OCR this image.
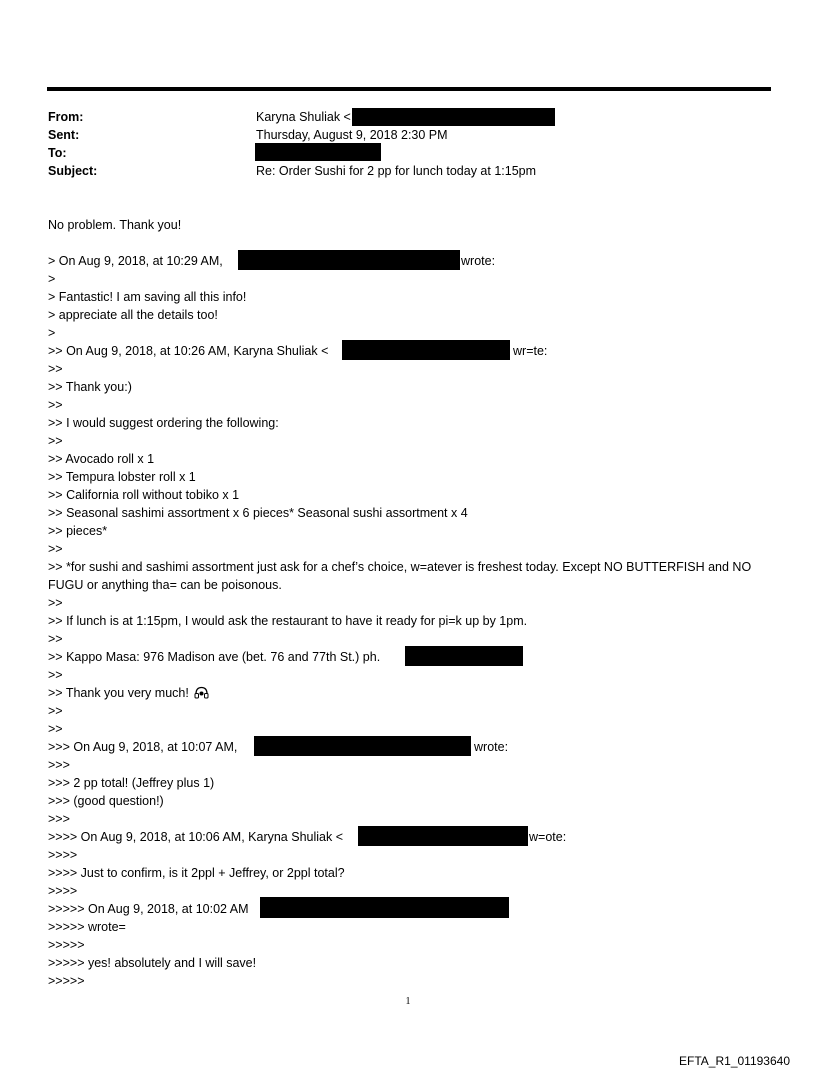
From:	Karyna Shuliak <
Sent:	Thursday, August 9, 2018 2:30 PM
To:
Subject:	Re: Order Sushi for 2 pp for lunch today at 1:15pm
No problem. Thank you!
> On Aug 9, 2018, at 10:29 AM,	wrote:
>
> Fantastic! I am saving all this info!
> appreciate all the details too!
>
>> On Aug 9, 2018, at 10:26 AM, Karyna Shuliak <	wr=te:
>>
>> Thank you:)
>>
>> I would suggest ordering the following:
>>
>> Avocado roll x 1
>> Tempura lobster roll x 1
>> California roll without tobiko x 1
>> Seasonal sashimi assortment x 6 pieces* Seasonal sushi assortment x 4
>> pieces*
>>
>> *for sushi and sashimi assortment just ask for a chef’s choice, w=atever is freshest today. Except NO BUTTERFISH and NO FUGU or anything tha= can be poisonous.
>>
>> If lunch is at 1:15pm, I would ask the restaurant to have it ready for pi=k up by 1pm.
>>
>> Kappo Masa: 976 Madison ave (bet. 76 and 77th St.) ph.
>>
>> Thank you very much!
>>
>>
>>> On Aug 9, 2018, at 10:07 AM,	wrote:
>>>
>>> 2 pp total! (Jeffrey plus 1)
>>> (good question!)
>>>
>>>> On Aug 9, 2018, at 10:06 AM, Karyna Shuliak <	w=ote:
>>>>
>>>> Just to confirm, is it 2ppl + Jeffrey, or 2ppl total?
>>>>
>>>>> On Aug 9, 2018, at 10:02 AM
>>>>> wrote=
>>>>>
>>>>> yes! absolutely and I will save!
>>>>>
1
EFTA_R1_01193640
